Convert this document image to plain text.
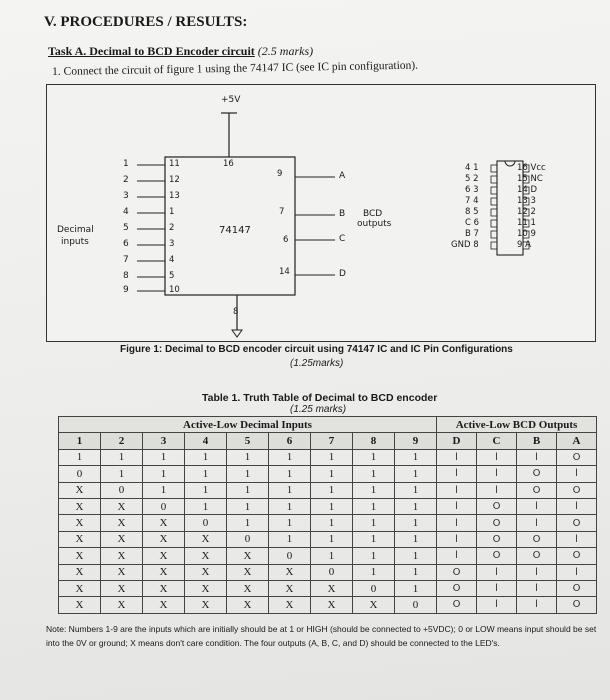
V. PROCEDURES / RESULTS:
Task A. Decimal to BCD Encoder circuit (2.5 marks)
1. Connect the circuit of figure 1 using the 74147 IC (see IC pin configuration).
+5V
Decimal
inputs
74147
BCD
outputs
1
2
3
4
5
6
7
8
9
11
12
13
1
2
3
4
5
10
16
8
9
7
6
14
A
B
C
D
4 1
5 2
6 3
7 4
8 5
C 6
B 7
GND 8
16 Vcc
15 NC
14 D
13 3
12 2
11 1
10 9
9 A
Figure 1: Decimal to BCD encoder circuit using 74147 IC and IC Pin Configurations
(1.25marks)
Table 1. Truth Table of Decimal to BCD encoder
(1.25 marks)
Active-Low Decimal Inputs									Active-Low BCD Outputs			
1	2	3	4	5	6	7	8	9	D	C	B	A
1	1	1	1	1	1	1	1	1	l	l	l	O
0	1	1	1	1	1	1	1	1	l	l	O	l
X	0	1	1	1	1	1	1	1	l	l	O	O
X	X	0	1	1	1	1	1	1	l	O	l	l
X	X	X	0	1	1	1	1	1	l	O	l	O
X	X	X	X	0	1	1	1	1	l	O	O	l
X	X	X	X	X	0	1	1	1	l	O	O	O
X	X	X	X	X	X	0	1	1	O	l	l	l
X	X	X	X	X	X	X	0	1	O	l	l	O
X	X	X	X	X	X	X	X	0	O	l	l	O
Note: Numbers 1-9 are the inputs which are initially should be at 1 or HIGH (should be connected to +5VDC); 0 or LOW means input should be set into the 0V or ground; X means don't care condition. The four outputs (A, B, C, and D) should be connected to the LED's.
